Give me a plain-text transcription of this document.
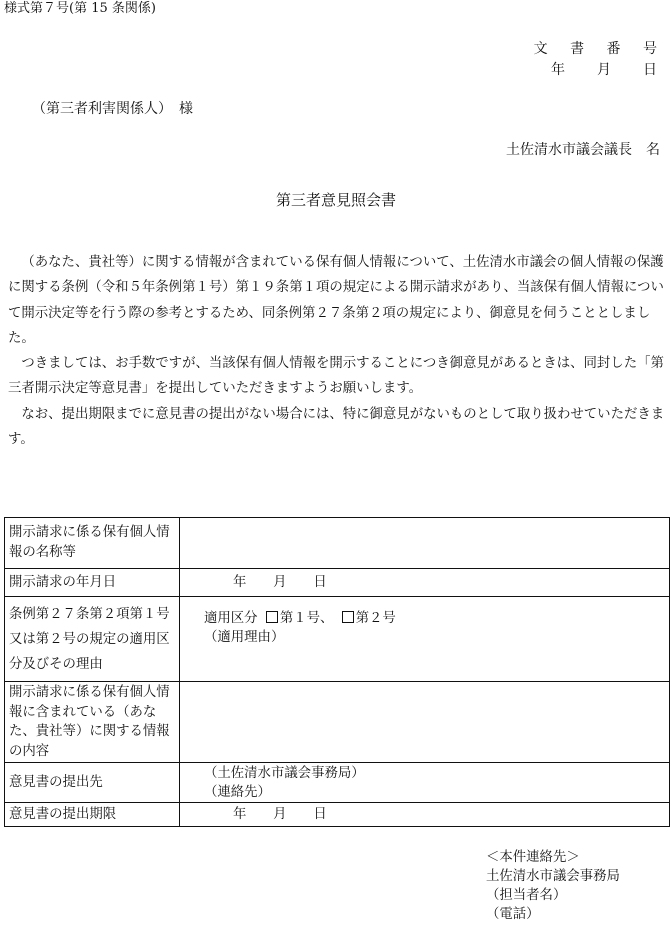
様式第７号(第 15 条関係)
文 書 番 号
年　月　日
（第三者利害関係人）　様
土佐清水市議会議長　名
第三者意見照会書

（あなた、貴社等）に関する情報が含まれている保有個人情報について、土佐清水市議会の個人情報の保護に関する条例（令和５年条例第１号）第１９条第１項の規定による開示請求があり、当該保有個人情報について開示決定等を行う際の参考とするため、同条例第２７条第２項の規定により、御意見を伺うこととしました。

つきましては、お手数ですが、当該保有個人情報を開示することにつき御意見があるときは、同封した「第三者開示決定等意見書」を提出していただきますようお願いします。

なお、提出期限までに意見書の提出がない場合には、特に御意見がないものとして取り扱わせていただきます。

開示請求に係る保有個人情報の名称等	
開示請求の年月日	年　　月　　日
条例第２７条第２項第１号又は第２号の規定の適用区分及びその理由	適用区分 第１号、 第２号
（適用理由）

開示請求に係る保有個人情報に含まれている（あなた、貴社等）に関する情報の内容	
意見書の提出先	（土佐清水市議会事務局）
（連絡先）

意見書の提出期限	年　　月　　日
＜本件連絡先＞
土佐清水市議会事務局
（担当者名）
（電話）
